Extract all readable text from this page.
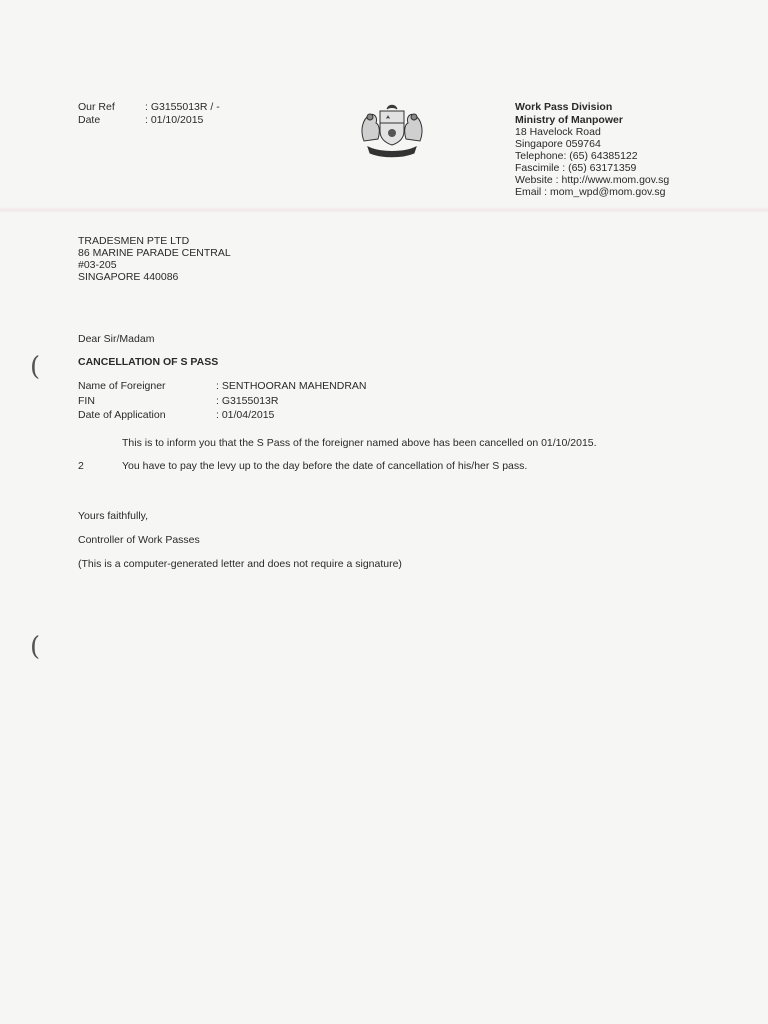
Our Ref	: G3155013R / -
Date	: 01/10/2015
Work Pass Division
Ministry of Manpower
18 Havelock Road
Singapore 059764
Telephone: (65) 64385122
Fascimile : (65) 63171359
Website : http://www.mom.gov.sg
Email : mom_wpd@mom.gov.sg
TRADESMEN PTE LTD
86 MARINE PARADE CENTRAL
#03-205
SINGAPORE 440086
Dear Sir/Madam
CANCELLATION OF S PASS
Name of Foreigner	: SENTHOORAN MAHENDRAN
FIN	: G3155013R
Date of Application	: 01/04/2015
This is to inform you that the S Pass of the foreigner named above has been cancelled on 01/10/2015.
2	You have to pay the levy up to the day before the date of cancellation of his/her S pass.
Yours faithfully,
Controller of Work Passes
(This is a computer-generated letter and does not require a signature)
(
(
